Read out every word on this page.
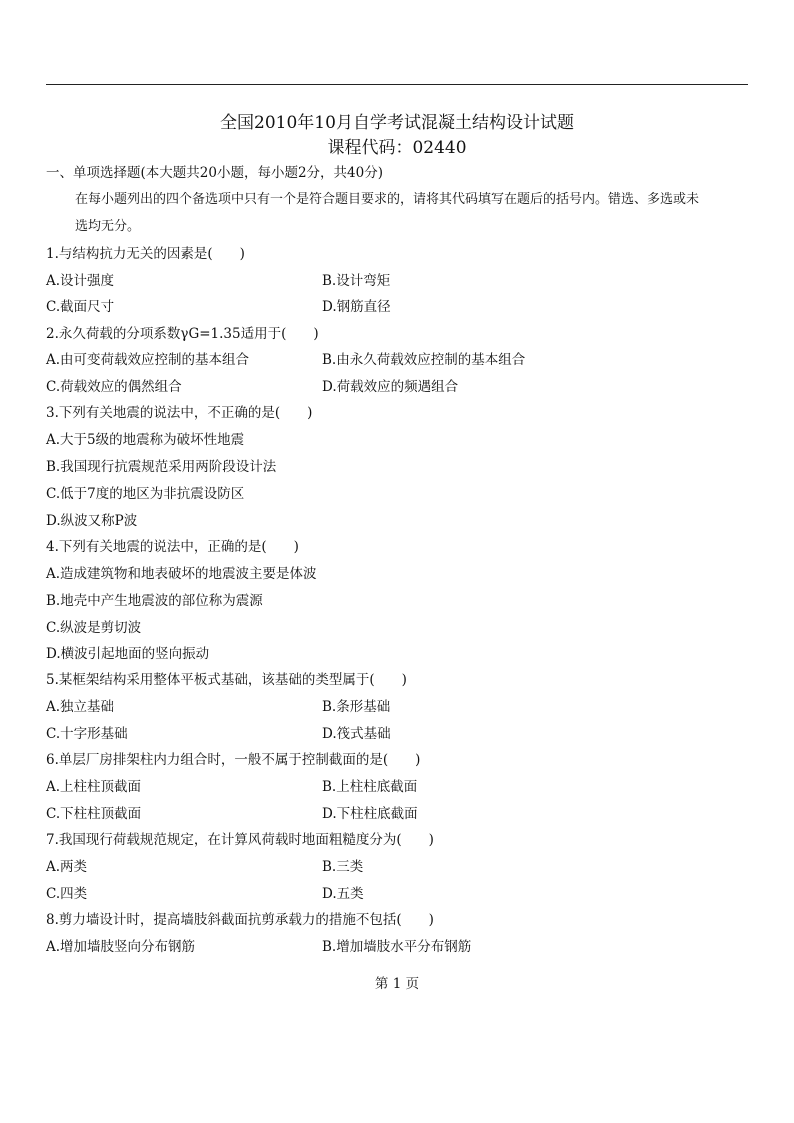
全国2010年10月自学考试混凝土结构设计试题
课程代码：02440
一、单项选择题(本大题共20小题，每小题2分，共40分)
在每小题列出的四个备选项中只有一个是符合题目要求的，请将其代码填写在题后的括号内。错选、多选或未
选均无分。
1.与结构抗力无关的因素是(　　)
A.设计强度	B.设计弯矩
C.截面尺寸	D.钢筋直径
2.永久荷载的分项系数γG=1.35适用于(　　)
A.由可变荷载效应控制的基本组合	B.由永久荷载效应控制的基本组合
C.荷载效应的偶然组合	D.荷载效应的频遇组合
3.下列有关地震的说法中，不正确的是(　　)
A.大于5级的地震称为破坏性地震
B.我国现行抗震规范采用两阶段设计法
C.低于7度的地区为非抗震设防区
D.纵波又称P波
4.下列有关地震的说法中，正确的是(　　)
A.造成建筑物和地表破坏的地震波主要是体波
B.地壳中产生地震波的部位称为震源
C.纵波是剪切波
D.横波引起地面的竖向振动
5.某框架结构采用整体平板式基础，该基础的类型属于(　　)
A.独立基础	B.条形基础
C.十字形基础	D.筏式基础
6.单层厂房排架柱内力组合时，一般不属于控制截面的是(　　)
A.上柱柱顶截面	B.上柱柱底截面
C.下柱柱顶截面	D.下柱柱底截面
7.我国现行荷载规范规定，在计算风荷载时地面粗糙度分为(　　)
A.两类	B.三类
C.四类	D.五类
8.剪力墙设计时，提高墙肢斜截面抗剪承载力的措施不包括(　　)
A.增加墙肢竖向分布钢筋	B.增加墙肢水平分布钢筋
第 1 页
